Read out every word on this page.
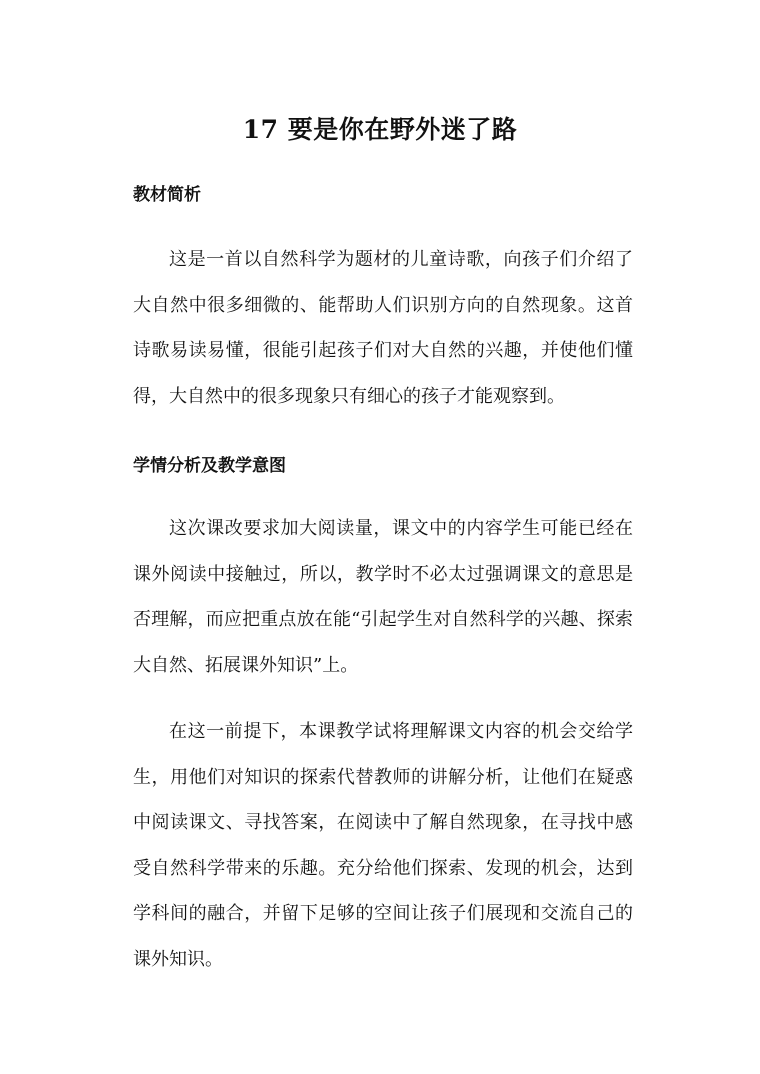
17 要是你在野外迷了路
教材简析

这是一首以自然科学为题材的儿童诗歌，向孩子们介绍了大自然中很多细微的、能帮助人们识别方向的自然现象。这首诗歌易读易懂，很能引起孩子们对大自然的兴趣，并使他们懂得，大自然中的很多现象只有细心的孩子才能观察到。

学情分析及教学意图

这次课改要求加大阅读量，课文中的内容学生可能已经在课外阅读中接触过，所以，教学时不必太过强调课文的意思是否理解，而应把重点放在能“引起学生对自然科学的兴趣、探索大自然、拓展课外知识”上。

在这一前提下，本课教学试将理解课文内容的机会交给学生，用他们对知识的探索代替教师的讲解分析，让他们在疑惑中阅读课文、寻找答案，在阅读中了解自然现象，在寻找中感受自然科学带来的乐趣。充分给他们探索、发现的机会，达到学科间的融合，并留下足够的空间让孩子们展现和交流自己的课外知识。
